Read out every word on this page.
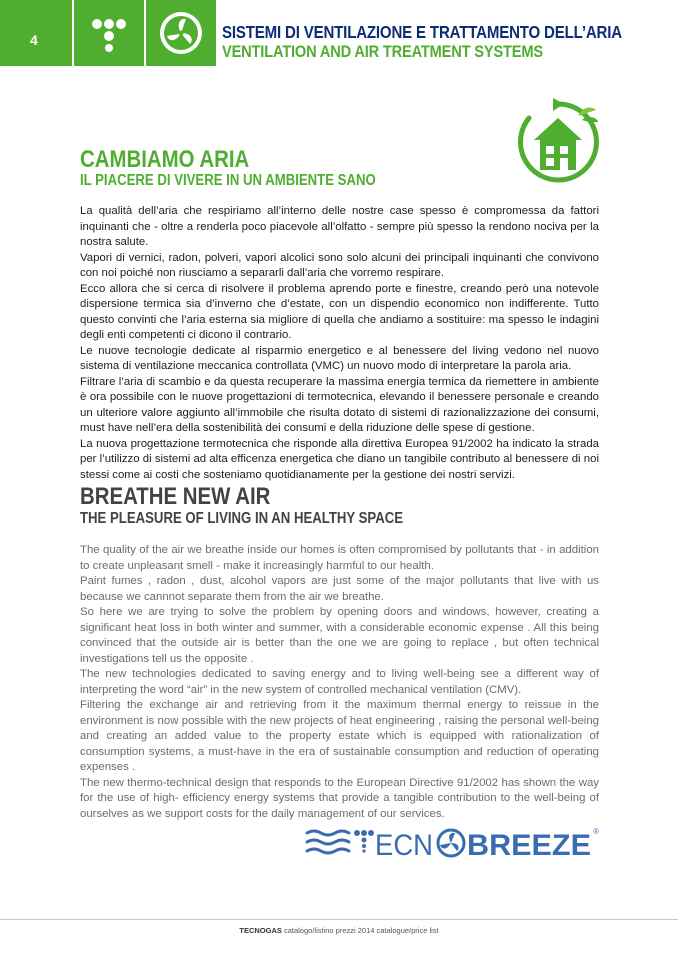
4	SISTEMI DI VENTILAZIONE E TRATTAMENTO DELL’ARIA
VENTILATION AND AIR TREATMENT SYSTEMS
CAMBIAMO ARIA
IL PIACERE DI VIVERE IN UN AMBIENTE SANO

La qualità dell’aria che respiriamo all’interno delle nostre case spesso è compromessa da fattori inquinanti che - oltre a renderla poco piacevole all’olfatto - sempre più spesso la rendono nociva per la nostra salute.

Vapori di vernici, radon, polveri, vapori alcolici sono solo alcuni dei principali inquinanti che convivono con noi poiché non riusciamo a separarli dall’aria che vorremo respirare.

Ecco allora che si cerca di risolvere il problema aprendo porte e finestre, creando però una notevole dispersione termica sia d’inverno che d’estate, con un dispendio economico non indifferente. Tutto questo convinti che l’aria esterna sia migliore di quella che andiamo a sostituire: ma spesso le indagini degli enti competenti ci dicono il contrario.

Le nuove tecnologie dedicate al risparmio energetico e al benessere del living vedono nel nuovo sistema di ventilazione meccanica controllata (VMC) un nuovo modo di interpretare la parola aria.

Filtrare l’aria di scambio e da questa recuperare la massima energia termica da riemettere in ambiente è ora possibile con le nuove progettazioni di termotecnica, elevando il benessere personale e creando un ulteriore valore aggiunto all’immobile che risulta dotato di sistemi di razionalizzazione dei consumi, must have nell’era della sostenibilità dei consumi e della riduzione delle spese di gestione.

La nuova progettazione termotecnica che risponde alla direttiva Europea 91/2002 ha indicato la strada per l’utilizzo di sistemi ad alta efficenza energetica che diano un tangibile contributo al benessere di noi stessi come ai costi che sosteniamo quotidianamente per la gestione dei nostri servizi.

BREATHE NEW AIR
THE PLEASURE OF LIVING IN AN HEALTHY SPACE

The quality of the air we breathe inside our homes is often compromised by pollutants that - in addition to create unpleasant smell - make it increasingly harmful to our health.

Paint fumes , radon , dust, alcohol vapors are just some of the major pollutants that live with us because we cannnot separate them from the air we breathe.

So here we are trying to solve the problem by opening doors and windows, however, creating a significant heat loss in both winter and summer, with a considerable economic expense . All this being convinced that the outside air is better than the one we are going to replace , but often technical investigations tell us the opposite .

The new technologies dedicated to saving energy and to living well-being see a different way of interpreting the word “air” in the new system of controlled mechanical ventilation (CMV).

Filtering the exchange air and retrieving from it the maximum thermal energy to reissue in the environment is now possible with the new projects of heat engineering , raising the personal well-being and creating an added value to the property estate which is equipped with rationalization of consumption systems, a must-have in the era of sustainable consumption and reduction of operating expenses .

The new thermo-technical design that responds to the European Directive 91/2002 has shown the way for the use of high- efficiency energy systems that provide a tangible contribution to the well-being of ourselves as we support costs for the daily management of our services.

ECN BREEZE ®
TECNOGAS catalogo/listino prezzi 2014 catalogue/price list
